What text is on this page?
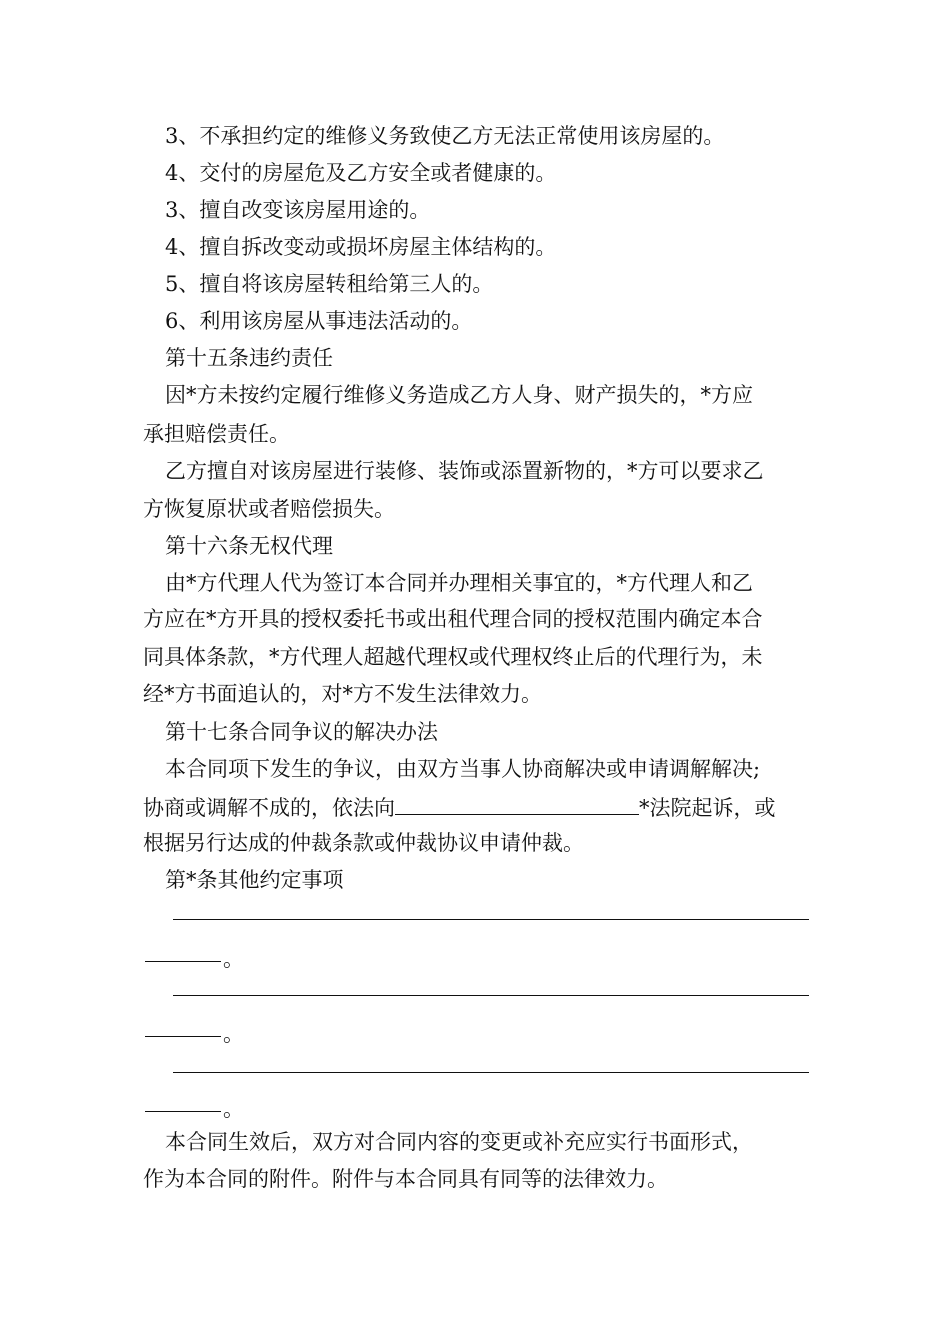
3、不承担约定的维修义务致使乙方无法正常使用该房屋的。
4、交付的房屋危及乙方安全或者健康的。
3、擅自改变该房屋用途的。
4、擅自拆改变动或损坏房屋主体结构的。
5、擅自将该房屋转租给第三人的。
6、利用该房屋从事违法活动的。
第十五条违约责任
因*方未按约定履行维修义务造成乙方人身、财产损失的，*方应
承担赔偿责任。
乙方擅自对该房屋进行装修、装饰或添置新物的，*方可以要求乙
方恢复原状或者赔偿损失。
第十六条无权代理
由*方代理人代为签订本合同并办理相关事宜的，*方代理人和乙
方应在*方开具的授权委托书或出租代理合同的授权范围内确定本合
同具体条款，*方代理人超越代理权或代理权终止后的代理行为，未
经*方书面追认的，对*方不发生法律效力。
第十七条合同争议的解决办法
本合同项下发生的争议，由双方当事人协商解决或申请调解解决;
协商或调解不成的，依法向	*法院起诉，或
根据另行达成的仲裁条款或仲裁协议申请仲裁。
第*条其他约定事项
。
。
。
本合同生效后，双方对合同内容的变更或补充应实行书面形式，
作为本合同的附件。附件与本合同具有同等的法律效力。
